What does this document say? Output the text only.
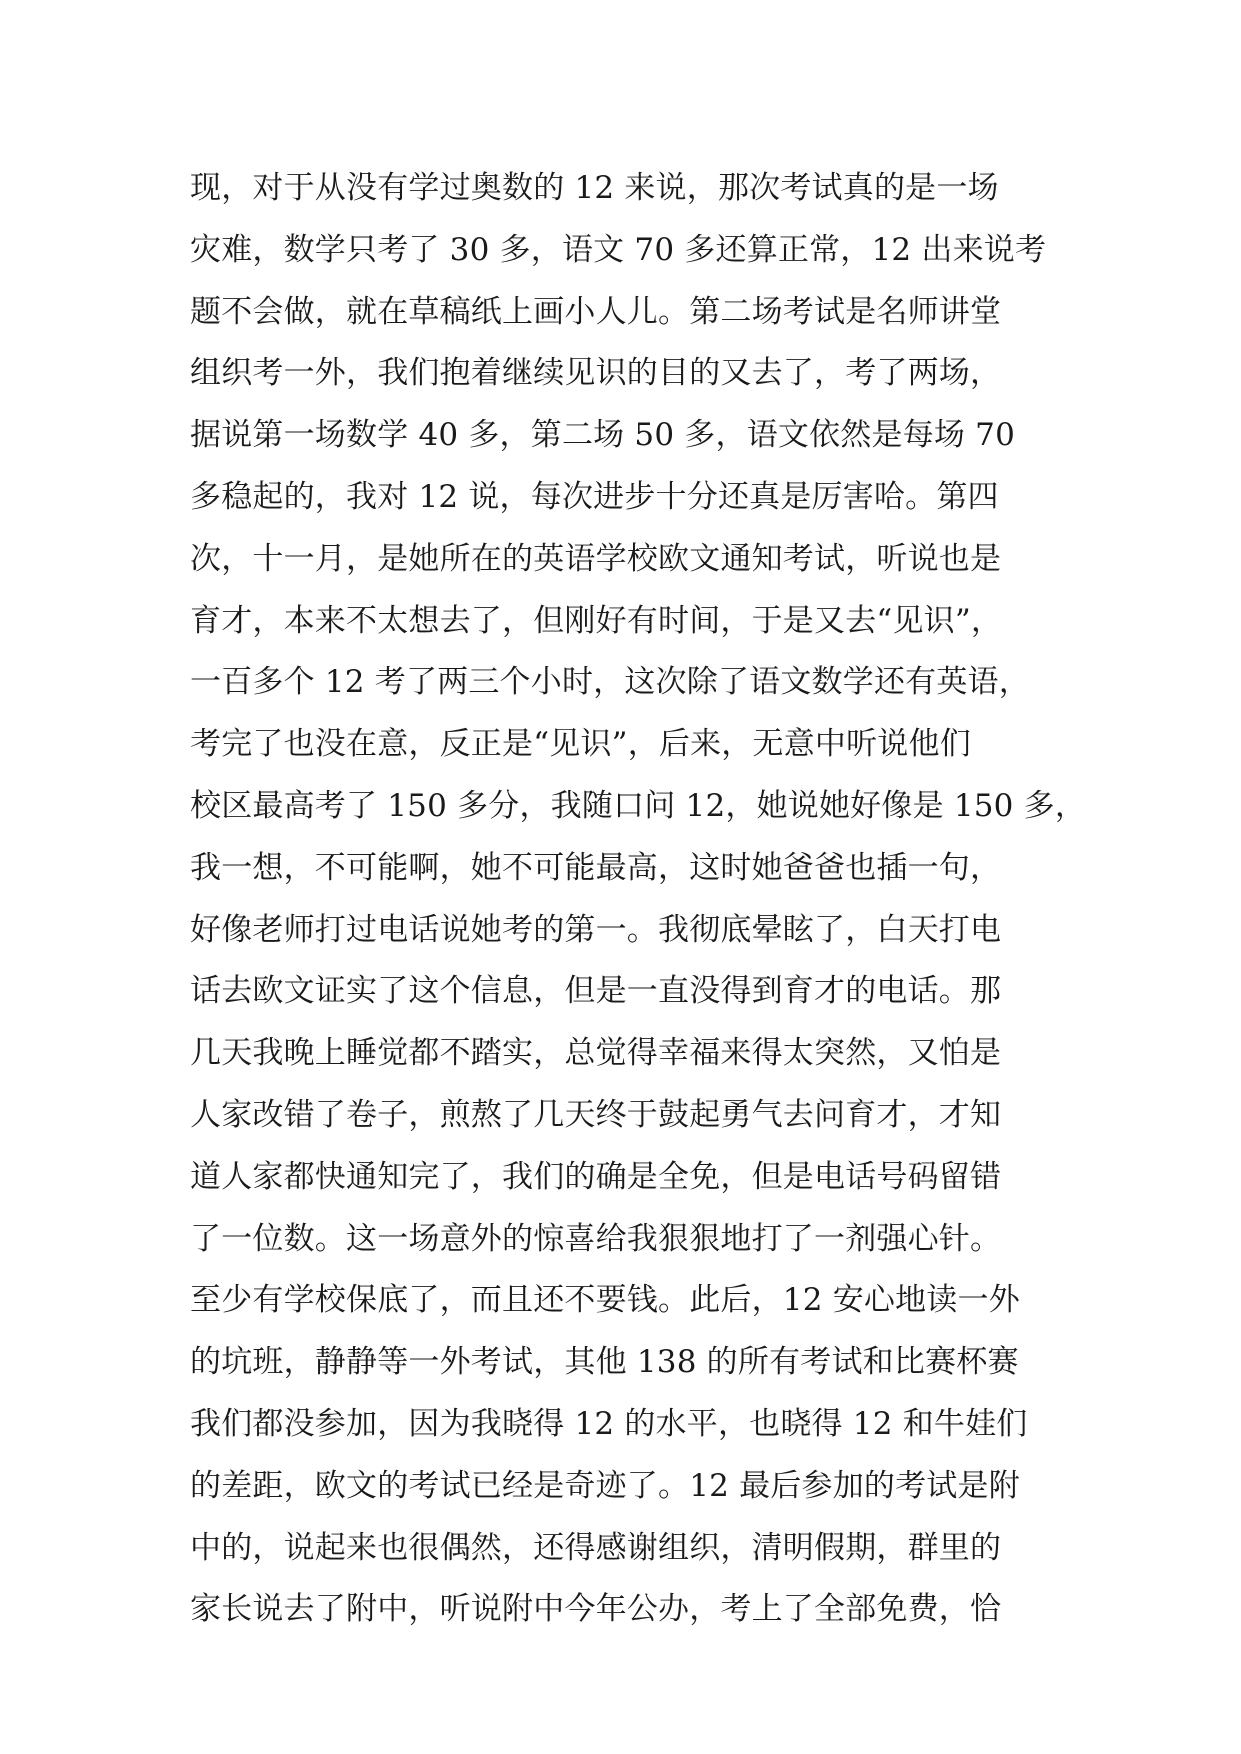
现，对于从没有学过奥数的 12 来说，那次考试真的是一场
灾难，数学只考了 30 多，语文 70 多还算正常，12 出来说考
题不会做，就在草稿纸上画小人儿。第二场考试是名师讲堂
组织考一外，我们抱着继续见识的目的又去了，考了两场，
据说第一场数学 40 多，第二场 50 多，语文依然是每场 70
多稳起的，我对 12 说，每次进步十分还真是厉害哈。第四
次，十一月，是她所在的英语学校欧文通知考试，听说也是
育才，本来不太想去了，但刚好有时间，于是又去“见识”，
一百多个 12 考了两三个小时，这次除了语文数学还有英语，
考完了也没在意，反正是“见识”，后来，无意中听说他们
校区最高考了 150 多分，我随口问 12，她说她好像是 150 多，
我一想，不可能啊，她不可能最高，这时她爸爸也插一句，
好像老师打过电话说她考的第一。我彻底晕眩了，白天打电
话去欧文证实了这个信息，但是一直没得到育才的电话。那
几天我晚上睡觉都不踏实，总觉得幸福来得太突然，又怕是
人家改错了卷子，煎熬了几天终于鼓起勇气去问育才，才知
道人家都快通知完了，我们的确是全免，但是电话号码留错
了一位数。这一场意外的惊喜给我狠狠地打了一剂强心针。
至少有学校保底了，而且还不要钱。此后，12 安心地读一外
的坑班，静静等一外考试，其他 138 的所有考试和比赛杯赛
我们都没参加，因为我晓得 12 的水平，也晓得 12 和牛娃们
的差距，欧文的考试已经是奇迹了。12 最后参加的考试是附
中的，说起来也很偶然，还得感谢组织，清明假期，群里的
家长说去了附中，听说附中今年公办，考上了全部免费，恰
